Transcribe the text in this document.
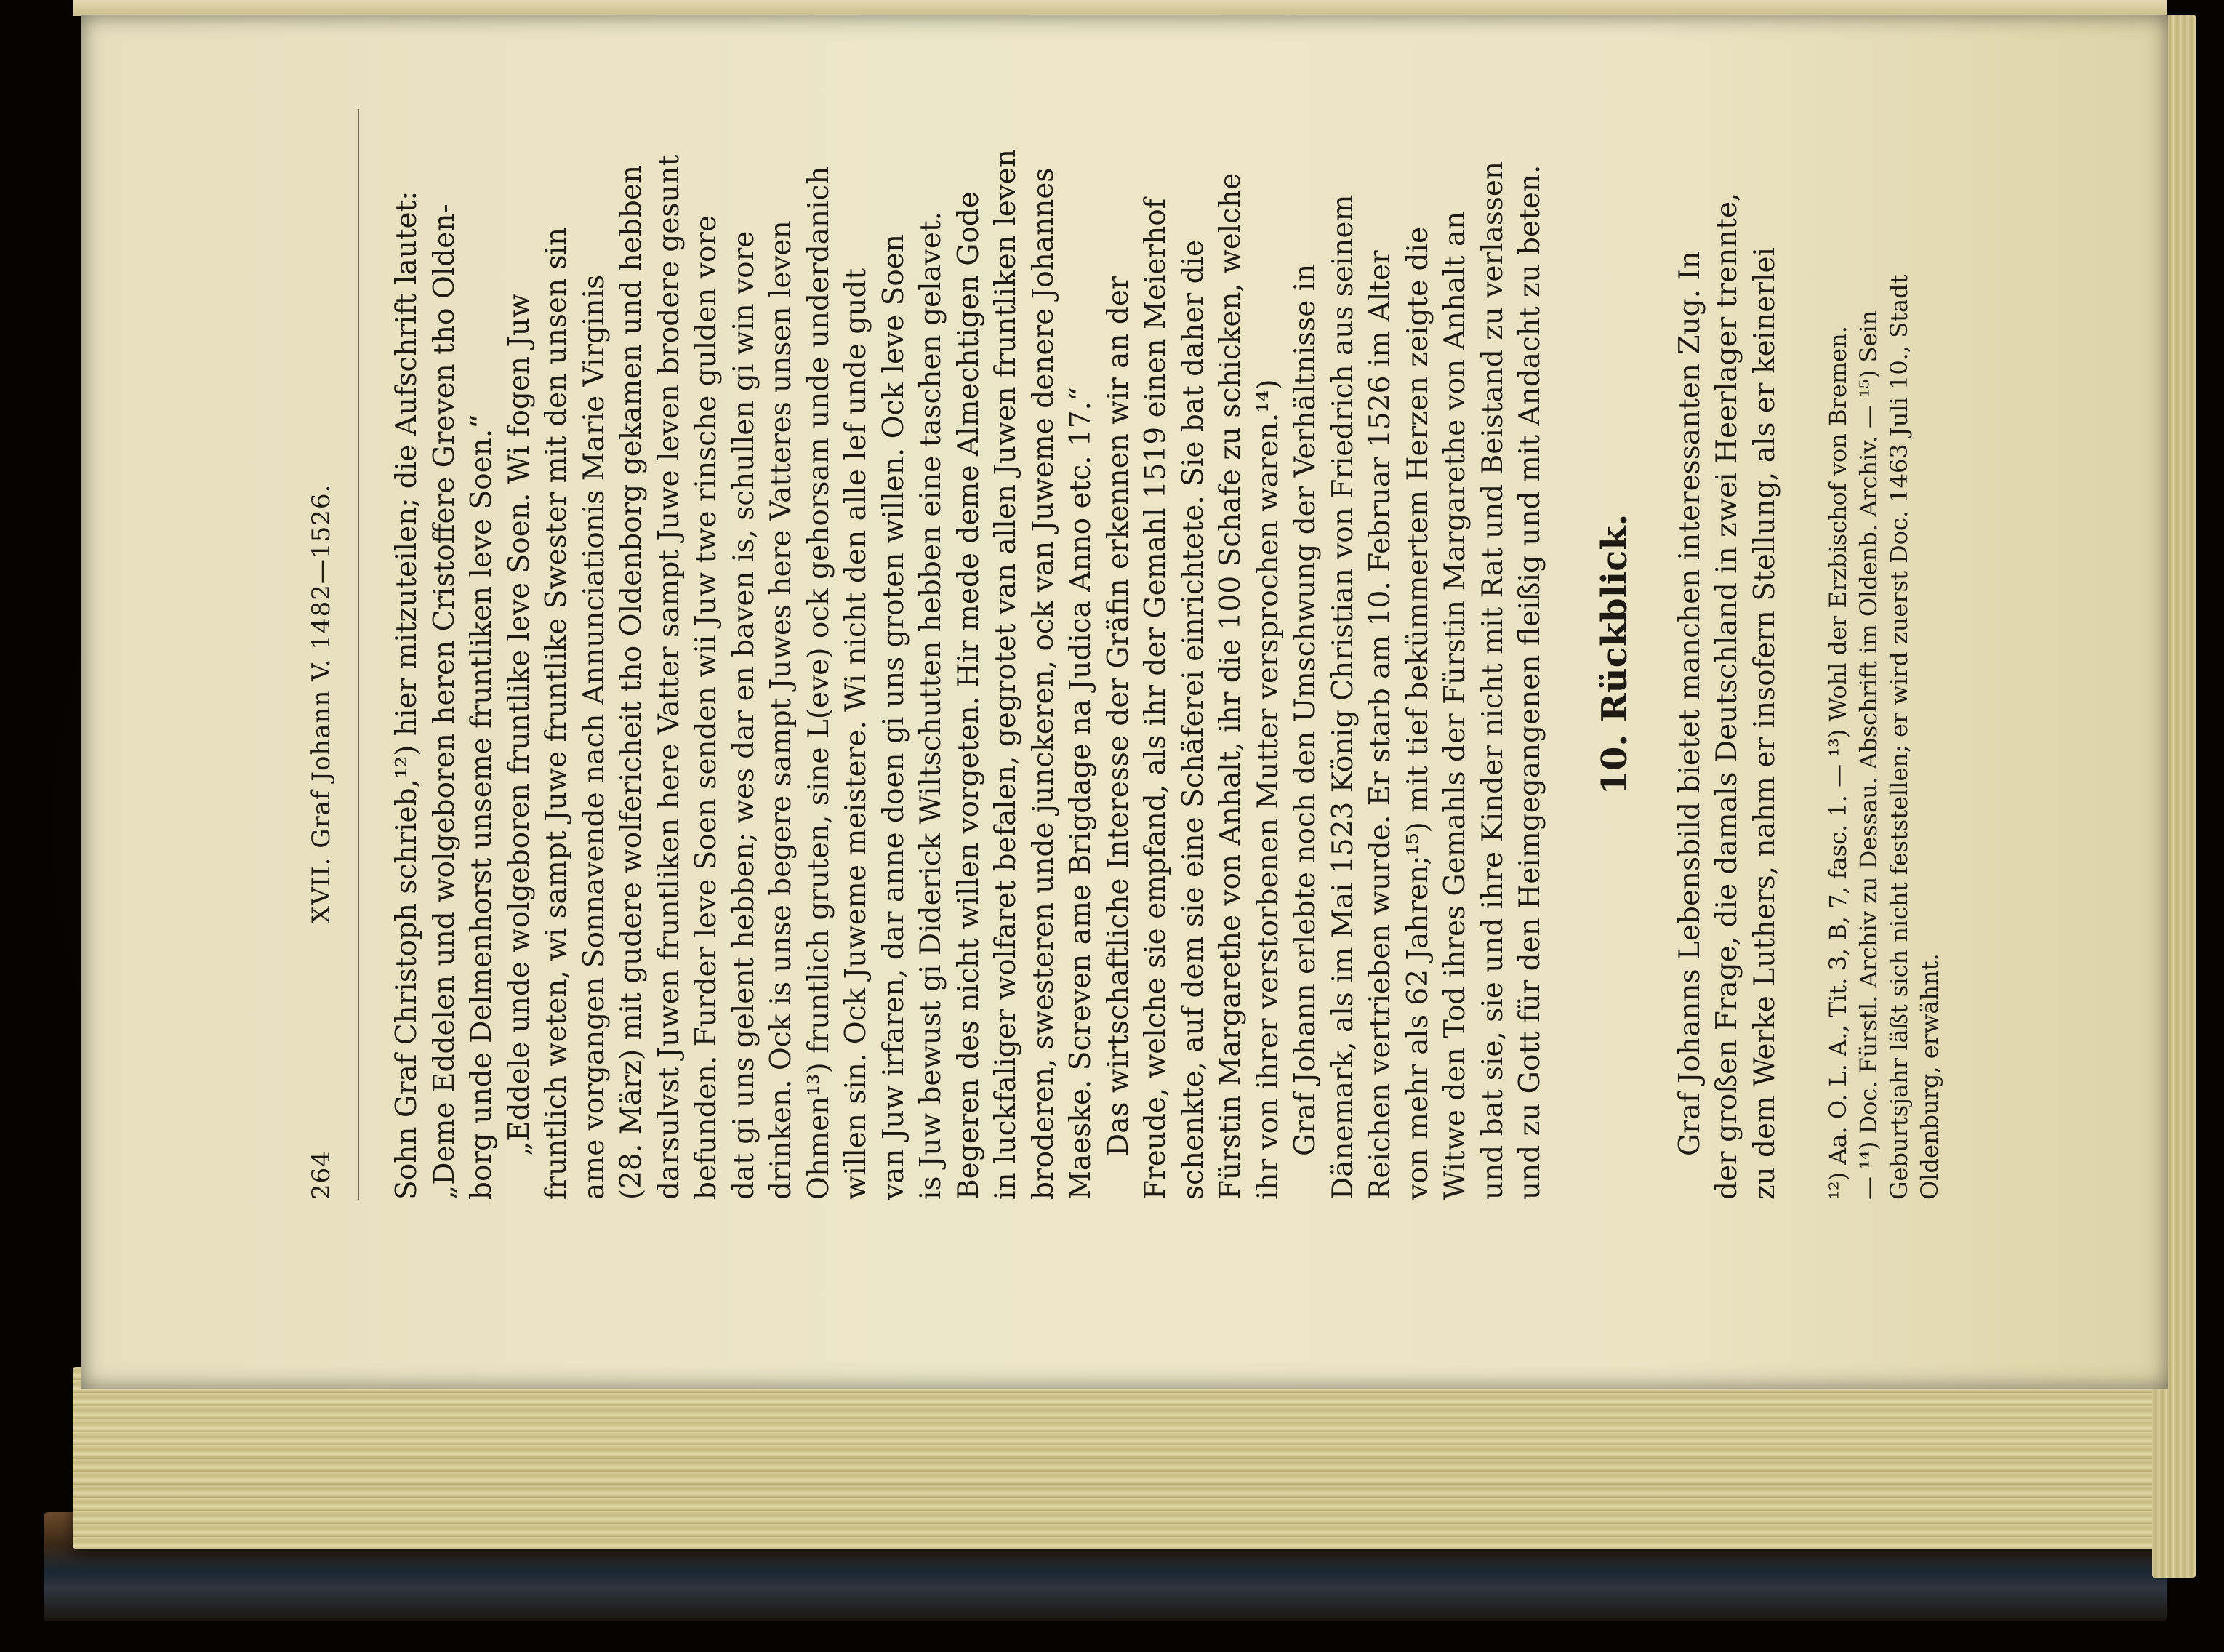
264
XVII. Graf Johann V. 1482—1526. Sohn Graf Christoph schrieb,¹²) hier mitzuteilen; die Aufschrift lautet: „Deme Eddelen und wolgeboren heren Cristoffere Greven tho Olden- borg unde Delmenhorst unseme fruntliken leve Soen.“ „Eddele unde wolgeboren fruntlike leve Soen. Wi fogen Juw fruntlich weten, wi sampt Juwe fruntlike Swester mit den unsen sin ame vorgangen Sonnavende nach Annunciationis Marie Virginis (28. März) mit gudere wolfericheit tho Oldenborg gekamen und hebben darsulvst Juwen fruntliken here Vatter sampt Juwe leven brodere gesunt befunden. Furder leve Soen senden wii Juw twe rinsche gulden vore dat gi uns gelent hebben; wes dar en baven is, schullen gi win vore drinken. Ock is unse begere sampt Juwes here Vatteres unsen leven Ohmen¹³) fruntlich gruten, sine L(eve) ock gehorsam unde underdanich willen sin. Ock Juweme meistere. Wi nicht den alle lef unde gudt van Juw irfaren, dar anne doen gi uns groten willen. Ock leve Soen is Juw bewust gi Diderick Wiltschutten hebben eine taschen gelavet. Begeren des nicht willen vorgeten. Hir mede deme Almechtigen Gode in luckfaliger wolfaret befalen, gegrotet van allen Juwen fruntliken leven broderen, swesteren unde junckeren, ock van Juweme denere Johannes Maeske. Screven ame Brigdage na Judica Anno etc. 17.“ Das wirtschaftliche Interesse der Gräfin erkennen wir an der Freude, welche sie empfand, als ihr der Gemahl 1519 einen Meierhof schenkte, auf dem sie eine Schäferei einrichtete. Sie bat daher die Fürstin Margarethe von Anhalt, ihr die 100 Schafe zu schicken, welche ihr von ihrer verstorbenen Mutter versprochen waren.¹⁴) Graf Johann erlebte noch den Umschwung der Verhältnisse in Dänemark, als im Mai 1523 König Christian von Friedrich aus seinem Reichen vertrieben wurde. Er starb am 10. Februar 1526 im Alter von mehr als 62 Jahren;¹⁵) mit tief bekümmertem Herzen zeigte die Witwe den Tod ihres Gemahls der Fürstin Margarethe von Anhalt an und bat sie, sie und ihre Kinder nicht mit Rat und Beistand zu verlassen und zu Gott für den Heimgegangenen fleißig und mit Andacht zu beten. 10. Rückblick. Graf Johanns Lebensbild bietet manchen interessanten Zug. In der großen Frage, die damals Deutschland in zwei Heerlager trennte, zu dem Werke Luthers, nahm er insofern Stellung, als er keinerlei ¹²) Aa. O. L. A., Tit. 3, B, 7, fasc. 1. — ¹³) Wohl der Erzbischof von Bremen. — ¹⁴) Doc. Fürstl. Archiv zu Dessau. Abschrift im Oldenb. Archiv. — ¹⁵) Sein Geburtsjahr läßt sich nicht feststellen; er wird zuerst Doc. 1463 Juli 10., Stadt Oldenburg, erwähnt.
